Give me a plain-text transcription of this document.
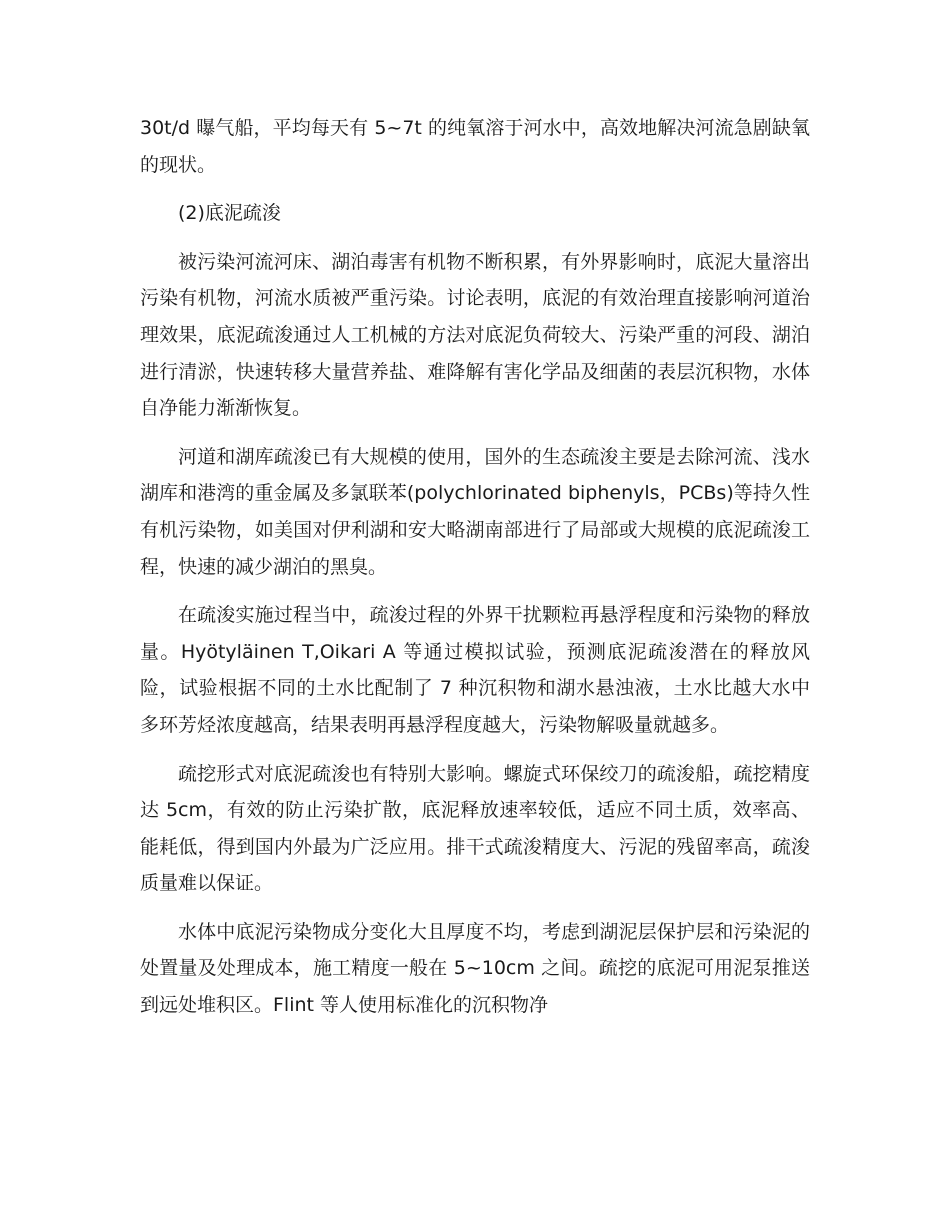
30t/d 曝气船，平均每天有 5~7t 的纯氧溶于河水中，高效地解决河流急剧缺氧的现状。

(2)底泥疏浚

被污染河流河床、湖泊毒害有机物不断积累，有外界影响时，底泥大量溶出污染有机物，河流水质被严重污染。讨论表明，底泥的有效治理直接影响河道治理效果，底泥疏浚通过人工机械的方法对底泥负荷较大、污染严重的河段、湖泊进行清淤，快速转移大量营养盐、难降解有害化学品及细菌的表层沉积物，水体自净能力渐渐恢复。

河道和湖库疏浚已有大规模的使用，国外的生态疏浚主要是去除河流、浅水湖库和港湾的重金属及多氯联苯(polychlorinated biphenyls，PCBs)等持久性有机污染物，如美国对伊利湖和安大略湖南部进行了局部或大规模的底泥疏浚工程，快速的减少湖泊的黑臭。

在疏浚实施过程当中，疏浚过程的外界干扰颗粒再悬浮程度和污染物的释放量。Hyötyläinen T,Oikari A 等通过模拟试验，预测底泥疏浚潜在的释放风险，试验根据不同的土水比配制了 7 种沉积物和湖水悬浊液，土水比越大水中多环芳烃浓度越高，结果表明再悬浮程度越大，污染物解吸量就越多。

疏挖形式对底泥疏浚也有特别大影响。螺旋式环保绞刀的疏浚船，疏挖精度达 5cm，有效的防止污染扩散，底泥释放速率较低，适应不同土质，效率高、能耗低，得到国内外最为广泛应用。排干式疏浚精度大、污泥的残留率高，疏浚质量难以保证。

水体中底泥污染物成分变化大且厚度不均，考虑到湖泥层保护层和污染泥的处置量及处理成本，施工精度一般在 5~10cm 之间。疏挖的底泥可用泥泵推送到远处堆积区。Flint 等人使用标准化的沉积物净
